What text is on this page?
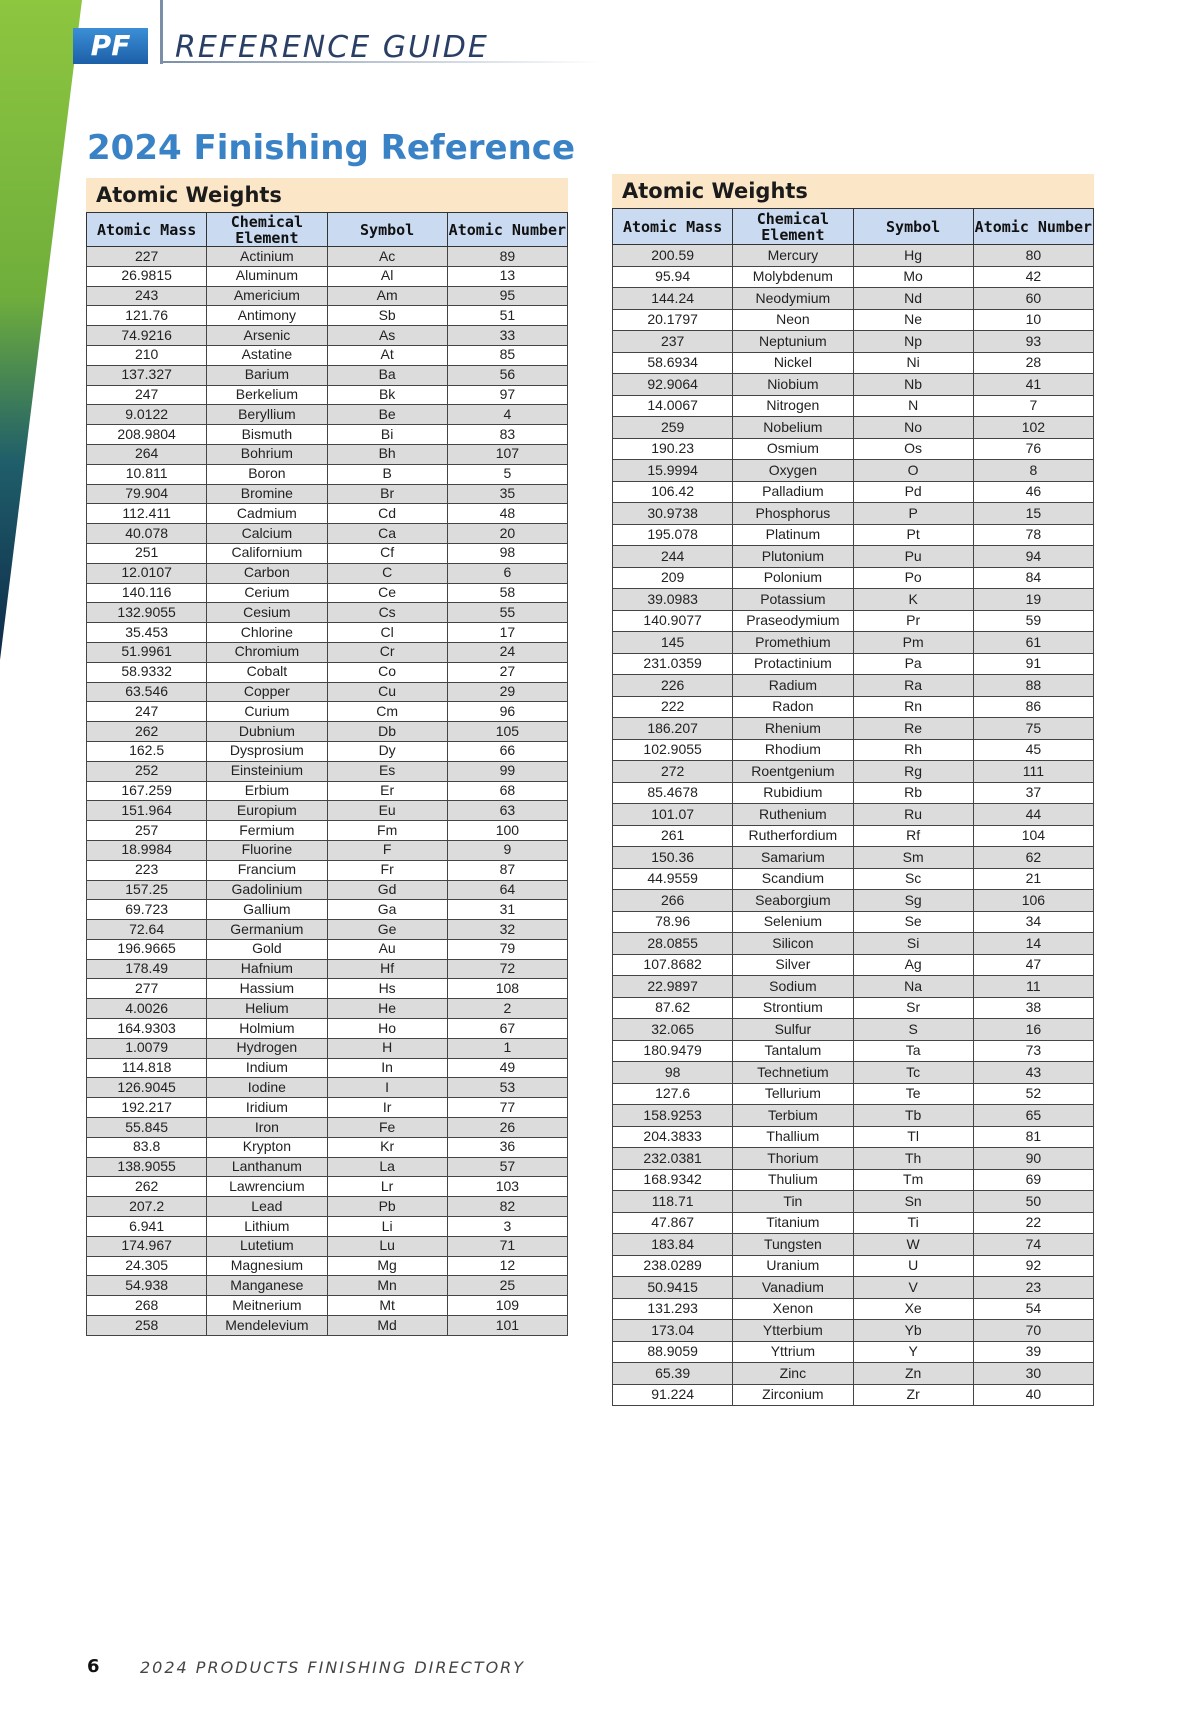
PF	REFERENCE GUIDE
2024 Finishing Reference
Atomic Weights
Atomic Mass	Chemical Element	Symbol	Atomic Number
227	Actinium	Ac	89
26.9815	Aluminum	Al	13
243	Americium	Am	95
121.76	Antimony	Sb	51
74.9216	Arsenic	As	33
210	Astatine	At	85
137.327	Barium	Ba	56
247	Berkelium	Bk	97
9.0122	Beryllium	Be	4
208.9804	Bismuth	Bi	83
264	Bohrium	Bh	107
10.811	Boron	B	5
79.904	Bromine	Br	35
112.411	Cadmium	Cd	48
40.078	Calcium	Ca	20
251	Californium	Cf	98
12.0107	Carbon	C	6
140.116	Cerium	Ce	58
132.9055	Cesium	Cs	55
35.453	Chlorine	Cl	17
51.9961	Chromium	Cr	24
58.9332	Cobalt	Co	27
63.546	Copper	Cu	29
247	Curium	Cm	96
262	Dubnium	Db	105
162.5	Dysprosium	Dy	66
252	Einsteinium	Es	99
167.259	Erbium	Er	68
151.964	Europium	Eu	63
257	Fermium	Fm	100
18.9984	Fluorine	F	9
223	Francium	Fr	87
157.25	Gadolinium	Gd	64
69.723	Gallium	Ga	31
72.64	Germanium	Ge	32
196.9665	Gold	Au	79
178.49	Hafnium	Hf	72
277	Hassium	Hs	108
4.0026	Helium	He	2
164.9303	Holmium	Ho	67
1.0079	Hydrogen	H	1
114.818	Indium	In	49
126.9045	Iodine	I	53
192.217	Iridium	Ir	77
55.845	Iron	Fe	26
83.8	Krypton	Kr	36
138.9055	Lanthanum	La	57
262	Lawrencium	Lr	103
207.2	Lead	Pb	82
6.941	Lithium	Li	3
174.967	Lutetium	Lu	71
24.305	Magnesium	Mg	12
54.938	Manganese	Mn	25
268	Meitnerium	Mt	109
258	Mendelevium	Md	101
Atomic Weights
Atomic Mass	Chemical Element	Symbol	Atomic Number
200.59	Mercury	Hg	80
95.94	Molybdenum	Mo	42
144.24	Neodymium	Nd	60
20.1797	Neon	Ne	10
237	Neptunium	Np	93
58.6934	Nickel	Ni	28
92.9064	Niobium	Nb	41
14.0067	Nitrogen	N	7
259	Nobelium	No	102
190.23	Osmium	Os	76
15.9994	Oxygen	O	8
106.42	Palladium	Pd	46
30.9738	Phosphorus	P	15
195.078	Platinum	Pt	78
244	Plutonium	Pu	94
209	Polonium	Po	84
39.0983	Potassium	K	19
140.9077	Praseodymium	Pr	59
145	Promethium	Pm	61
231.0359	Protactinium	Pa	91
226	Radium	Ra	88
222	Radon	Rn	86
186.207	Rhenium	Re	75
102.9055	Rhodium	Rh	45
272	Roentgenium	Rg	111
85.4678	Rubidium	Rb	37
101.07	Ruthenium	Ru	44
261	Rutherfordium	Rf	104
150.36	Samarium	Sm	62
44.9559	Scandium	Sc	21
266	Seaborgium	Sg	106
78.96	Selenium	Se	34
28.0855	Silicon	Si	14
107.8682	Silver	Ag	47
22.9897	Sodium	Na	11
87.62	Strontium	Sr	38
32.065	Sulfur	S	16
180.9479	Tantalum	Ta	73
98	Technetium	Tc	43
127.6	Tellurium	Te	52
158.9253	Terbium	Tb	65
204.3833	Thallium	Tl	81
232.0381	Thorium	Th	90
168.9342	Thulium	Tm	69
118.71	Tin	Sn	50
47.867	Titanium	Ti	22
183.84	Tungsten	W	74
238.0289	Uranium	U	92
50.9415	Vanadium	V	23
131.293	Xenon	Xe	54
173.04	Ytterbium	Yb	70
88.9059	Yttrium	Y	39
65.39	Zinc	Zn	30
91.224	Zirconium	Zr	40
6	2024 PRODUCTS FINISHING DIRECTORY
